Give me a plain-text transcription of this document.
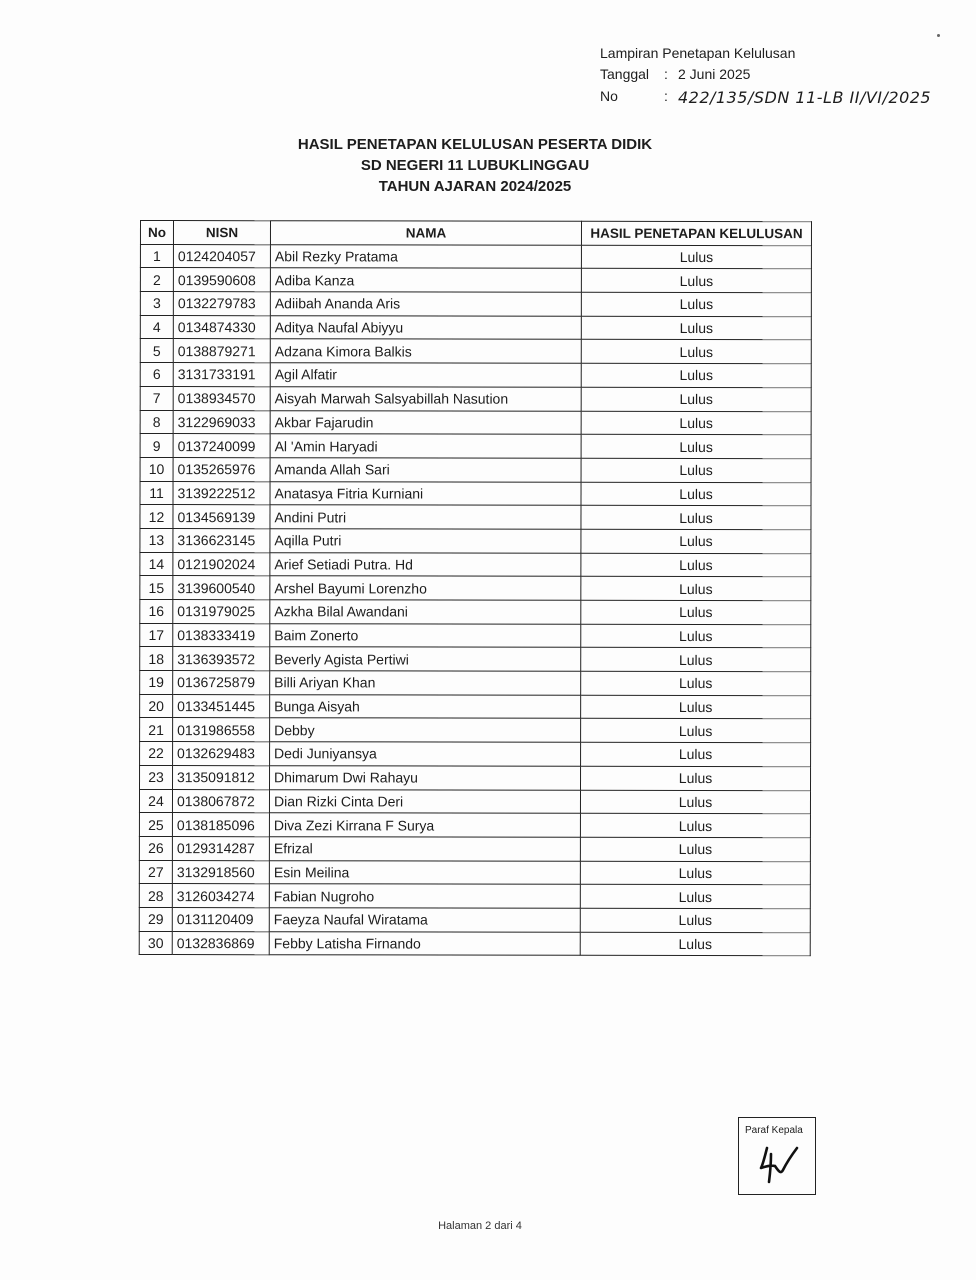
Lampiran Penetapan Kelulusan
Tanggal : 2 Juni 2025
No	: 422/135/SDN 11-LB II/VI/2025
HASIL PENETAPAN KELULUSAN PESERTA DIDIK
SD NEGERI 11 LUBUKLINGGAU
TAHUN AJARAN 2024/2025
No	NISN	NAMA	HASIL PENETAPAN KELULUSAN
1	0124204057	Abil Rezky Pratama	Lulus
2	0139590608	Adiba Kanza	Lulus
3	0132279783	Adiibah Ananda Aris	Lulus
4	0134874330	Aditya Naufal Abiyyu	Lulus
5	0138879271	Adzana Kimora Balkis	Lulus
6	3131733191	Agil Alfatir	Lulus
7	0138934570	Aisyah Marwah Salsyabillah Nasution	Lulus
8	3122969033	Akbar Fajarudin	Lulus
9	0137240099	Al 'Amin Haryadi	Lulus
10	0135265976	Amanda Allah Sari	Lulus
11	3139222512	Anatasya Fitria Kurniani	Lulus
12	0134569139	Andini Putri	Lulus
13	3136623145	Aqilla Putri	Lulus
14	0121902024	Arief Setiadi Putra. Hd	Lulus
15	3139600540	Arshel Bayumi Lorenzho	Lulus
16	0131979025	Azkha Bilal Awandani	Lulus
17	0138333419	Baim Zonerto	Lulus
18	3136393572	Beverly Agista Pertiwi	Lulus
19	0136725879	Billi Ariyan Khan	Lulus
20	0133451445	Bunga Aisyah	Lulus
21	0131986558	Debby	Lulus
22	0132629483	Dedi Juniyansya	Lulus
23	3135091812	Dhimarum Dwi Rahayu	Lulus
24	0138067872	Dian Rizki Cinta Deri	Lulus
25	0138185096	Diva Zezi Kirrana F Surya	Lulus
26	0129314287	Efrizal	Lulus
27	3132918560	Esin Meilina	Lulus
28	3126034274	Fabian Nugroho	Lulus
29	0131120409	Faeyza Naufal Wiratama	Lulus
30	0132836869	Febby Latisha Firnando	Lulus
Paraf Kepala
Halaman 2 dari 4
